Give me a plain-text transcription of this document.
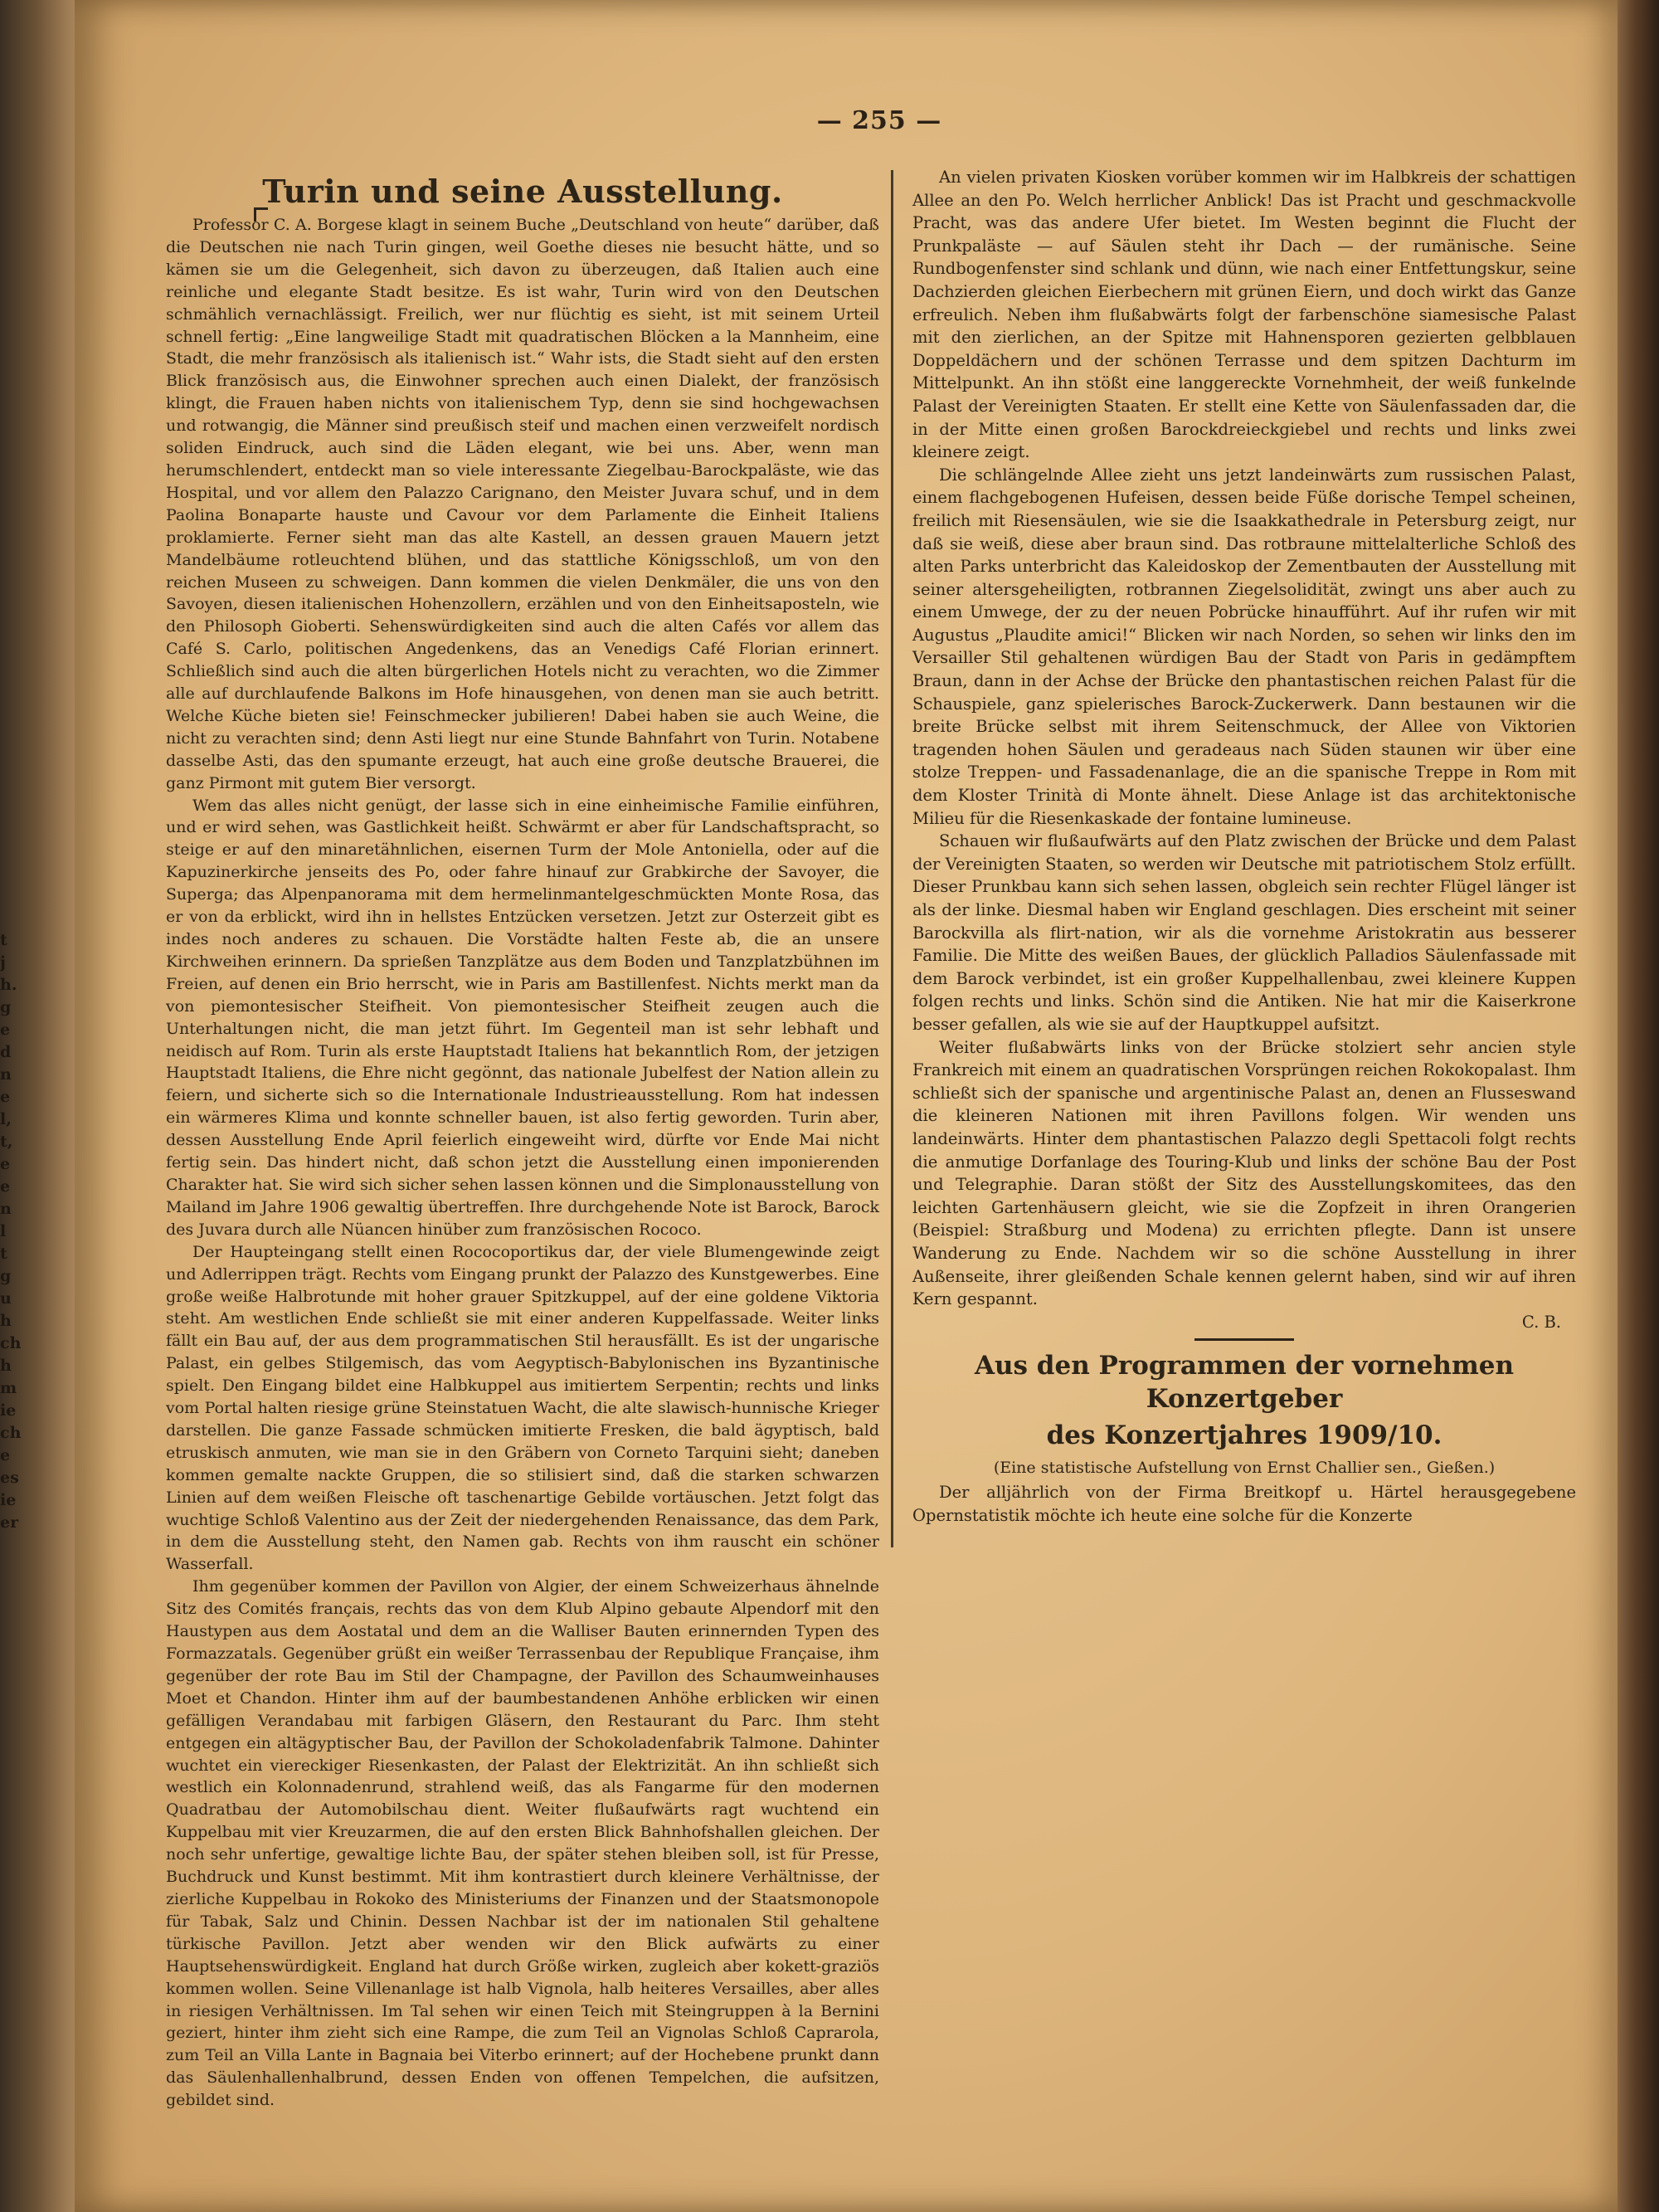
— 255 —
Turin und seine Ausstellung.

Professor C. A. Borgese klagt in seinem Buche „Deutschland von heute“ darüber, daß die Deutschen nie nach Turin gingen, weil Goethe dieses nie besucht hätte, und so kämen sie um die Gelegenheit, sich davon zu überzeugen, daß Italien auch eine reinliche und elegante Stadt besitze. Es ist wahr, Turin wird von den Deutschen schmählich vernachlässigt. Freilich, wer nur flüchtig es sieht, ist mit seinem Urteil schnell fertig: „Eine langweilige Stadt mit quadratischen Blöcken a la Mannheim, eine Stadt, die mehr französisch als italienisch ist.“ Wahr ists, die Stadt sieht auf den ersten Blick französisch aus, die Einwohner sprechen auch einen Dialekt, der französisch klingt, die Frauen haben nichts von italienischem Typ, denn sie sind hochgewachsen und rotwangig, die Männer sind preußisch steif und machen einen verzweifelt nordisch soliden Eindruck, auch sind die Läden elegant, wie bei uns. Aber, wenn man herumschlendert, entdeckt man so viele interessante Ziegelbau-Barockpaläste, wie das Hospital, und vor allem den Palazzo Carignano, den Meister Juvara schuf, und in dem Paolina Bonaparte hauste und Cavour vor dem Parlamente die Einheit Italiens proklamierte. Ferner sieht man das alte Kastell, an dessen grauen Mauern jetzt Mandelbäume rotleuchtend blühen, und das stattliche Königsschloß, um von den reichen Museen zu schweigen. Dann kommen die vielen Denkmäler, die uns von den Savoyen, diesen italienischen Hohenzollern, erzählen und von den Einheitsaposteln, wie den Philosoph Gioberti. Sehenswürdigkeiten sind auch die alten Cafés vor allem das Café S. Carlo, politischen Angedenkens, das an Venedigs Café Florian erinnert. Schließlich sind auch die alten bürgerlichen Hotels nicht zu verachten, wo die Zimmer alle auf durchlaufende Balkons im Hofe hinausgehen, von denen man sie auch betritt. Welche Küche bieten sie! Feinschmecker jubilieren! Dabei haben sie auch Weine, die nicht zu verachten sind; denn Asti liegt nur eine Stunde Bahnfahrt von Turin. Notabene dasselbe Asti, das den spumante erzeugt, hat auch eine große deutsche Brauerei, die ganz Pirmont mit gutem Bier versorgt.

Wem das alles nicht genügt, der lasse sich in eine einheimische Familie einführen, und er wird sehen, was Gastlichkeit heißt. Schwärmt er aber für Landschaftspracht, so steige er auf den minaretähnlichen, eisernen Turm der Mole Antoniella, oder auf die Kapuzinerkirche jenseits des Po, oder fahre hinauf zur Grabkirche der Savoyer, die Superga; das Alpenpanorama mit dem hermelinmantelgeschmückten Monte Rosa, das er von da erblickt, wird ihn in hellstes Entzücken versetzen. Jetzt zur Osterzeit gibt es indes noch anderes zu schauen. Die Vorstädte halten Feste ab, die an unsere Kirchweihen erinnern. Da sprießen Tanzplätze aus dem Boden und Tanzplatzbühnen im Freien, auf denen ein Brio herrscht, wie in Paris am Bastillenfest. Nichts merkt man da von piemontesischer Steifheit. Von piemontesischer Steifheit zeugen auch die Unterhaltungen nicht, die man jetzt führt. Im Gegenteil man ist sehr lebhaft und neidisch auf Rom. Turin als erste Hauptstadt Italiens hat bekanntlich Rom, der jetzigen Hauptstadt Italiens, die Ehre nicht gegönnt, das nationale Jubelfest der Nation allein zu feiern, und sicherte sich so die Internationale Industrieausstellung. Rom hat indessen ein wärmeres Klima und konnte schneller bauen, ist also fertig geworden. Turin aber, dessen Ausstellung Ende April feierlich eingeweiht wird, dürfte vor Ende Mai nicht fertig sein. Das hindert nicht, daß schon jetzt die Ausstellung einen imponierenden Charakter hat. Sie wird sich sicher sehen lassen können und die Simplonausstellung von Mailand im Jahre 1906 gewaltig übertreffen. Ihre durchgehende Note ist Barock, Barock des Juvara durch alle Nüancen hinüber zum französischen Rococo.

Der Haupteingang stellt einen Rococoportikus dar, der viele Blumengewinde zeigt und Adlerrippen trägt. Rechts vom Eingang prunkt der Palazzo des Kunstgewerbes. Eine große weiße Halbrotunde mit hoher grauer Spitzkuppel, auf der eine goldene Viktoria steht. Am westlichen Ende schließt sie mit einer anderen Kuppelfassade. Weiter links fällt ein Bau auf, der aus dem programmatischen Stil herausfällt. Es ist der ungarische Palast, ein gelbes Stilgemisch, das vom Aegyptisch-Babylonischen ins Byzantinische spielt. Den Eingang bildet eine Halbkuppel aus imitiertem Serpentin; rechts und links vom Portal halten riesige grüne Steinstatuen Wacht, die alte slawisch-hunnische Krieger darstellen. Die ganze Fassade schmücken imitierte Fresken, die bald ägyptisch, bald etruskisch anmuten, wie man sie in den Gräbern von Corneto Tarquini sieht; daneben kommen gemalte nackte Gruppen, die so stilisiert sind, daß die starken schwarzen Linien auf dem weißen Fleische oft taschenartige Gebilde vortäuschen. Jetzt folgt das wuchtige Schloß Valentino aus der Zeit der niedergehenden Renaissance, das dem Park, in dem die Ausstellung steht, den Namen gab. Rechts von ihm rauscht ein schöner Wasserfall.

Ihm gegenüber kommen der Pavillon von Algier, der einem Schweizerhaus ähnelnde Sitz des Comités français, rechts das von dem Klub Alpino gebaute Alpendorf mit den Haustypen aus dem Aostatal und dem an die Walliser Bauten erinnernden Typen des Formazzatals. Gegenüber grüßt ein weißer Terrassenbau der Republique Française, ihm gegenüber der rote Bau im Stil der Champagne, der Pavillon des Schaumweinhauses Moet et Chandon. Hinter ihm auf der baumbestandenen Anhöhe erblicken wir einen gefälligen Verandabau mit farbigen Gläsern, den Restaurant du Parc. Ihm steht entgegen ein altägyptischer Bau, der Pavillon der Schokoladenfabrik Talmone. Dahinter wuchtet ein viereckiger Riesenkasten, der Palast der Elektrizität. An ihn schließt sich westlich ein Kolonnadenrund, strahlend weiß, das als Fangarme für den modernen Quadratbau der Automobilschau dient. Weiter flußaufwärts ragt wuchtend ein Kuppelbau mit vier Kreuzarmen, die auf den ersten Blick Bahnhofshallen gleichen. Der noch sehr unfertige, gewaltige lichte Bau, der später stehen bleiben soll, ist für Presse, Buchdruck und Kunst bestimmt. Mit ihm kontrastiert durch kleinere Verhältnisse, der zierliche Kuppelbau in Rokoko des Ministeriums der Finanzen und der Staatsmonopole für Tabak, Salz und Chinin. Dessen Nachbar ist der im nationalen Stil gehaltene türkische Pavillon. Jetzt aber wenden wir den Blick aufwärts zu einer Hauptsehenswürdigkeit. England hat durch Größe wirken, zugleich aber kokett-graziös kommen wollen. Seine Villenanlage ist halb Vignola, halb heiteres Versailles, aber alles in riesigen Verhältnissen. Im Tal sehen wir einen Teich mit Steingruppen à la Bernini geziert, hinter ihm zieht sich eine Rampe, die zum Teil an Vignolas Schloß Caprarola, zum Teil an Villa Lante in Bagnaia bei Viterbo erinnert; auf der Hochebene prunkt dann das Säulenhallenhalbrund, dessen Enden von offenen Tempelchen, die aufsitzen, gebildet sind.

An vielen privaten Kiosken vorüber kommen wir im Halbkreis der schattigen Allee an den Po. Welch herrlicher Anblick! Das ist Pracht und geschmackvolle Pracht, was das andere Ufer bietet. Im Westen beginnt die Flucht der Prunkpaläste — auf Säulen steht ihr Dach — der rumänische. Seine Rundbogenfenster sind schlank und dünn, wie nach einer Entfettungskur, seine Dachzierden gleichen Eierbechern mit grünen Eiern, und doch wirkt das Ganze erfreulich. Neben ihm flußabwärts folgt der farbenschöne siamesische Palast mit den zierlichen, an der Spitze mit Hahnensporen gezierten gelbblauen Doppeldächern und der schönen Terrasse und dem spitzen Dachturm im Mittelpunkt. An ihn stößt eine langgereckte Vornehmheit, der weiß funkelnde Palast der Vereinigten Staaten. Er stellt eine Kette von Säulenfassaden dar, die in der Mitte einen großen Barockdreieckgiebel und rechts und links zwei kleinere zeigt.

Die schlängelnde Allee zieht uns jetzt landeinwärts zum russischen Palast, einem flachgebogenen Hufeisen, dessen beide Füße dorische Tempel scheinen, freilich mit Riesensäulen, wie sie die Isaakkathedrale in Petersburg zeigt, nur daß sie weiß, diese aber braun sind. Das rotbraune mittelalterliche Schloß des alten Parks unterbricht das Kaleidoskop der Zementbauten der Ausstellung mit seiner altersgeheiligten, rotbrannen Ziegelsolidität, zwingt uns aber auch zu einem Umwege, der zu der neuen Pobrücke hinaufführt. Auf ihr rufen wir mit Augustus „Plaudite amici!“ Blicken wir nach Norden, so sehen wir links den im Versailler Stil gehaltenen würdigen Bau der Stadt von Paris in gedämpftem Braun, dann in der Achse der Brücke den phantastischen reichen Palast für die Schauspiele, ganz spielerisches Barock-Zuckerwerk. Dann bestaunen wir die breite Brücke selbst mit ihrem Seitenschmuck, der Allee von Viktorien tragenden hohen Säulen und geradeaus nach Süden staunen wir über eine stolze Treppen- und Fassadenanlage, die an die spanische Treppe in Rom mit dem Kloster Trinità di Monte ähnelt. Diese Anlage ist das architektonische Milieu für die Riesenkaskade der fontaine lumineuse.

Schauen wir flußaufwärts auf den Platz zwischen der Brücke und dem Palast der Vereinigten Staaten, so werden wir Deutsche mit patriotischem Stolz erfüllt. Dieser Prunkbau kann sich sehen lassen, obgleich sein rechter Flügel länger ist als der linke. Diesmal haben wir England geschlagen. Dies erscheint mit seiner Barockvilla als flirt-nation, wir als die vornehme Aristokratin aus besserer Familie. Die Mitte des weißen Baues, der glücklich Palladios Säulenfassade mit dem Barock verbindet, ist ein großer Kuppelhallenbau, zwei kleinere Kuppen folgen rechts und links. Schön sind die Antiken. Nie hat mir die Kaiserkrone besser gefallen, als wie sie auf der Hauptkuppel aufsitzt.

Weiter flußabwärts links von der Brücke stolziert sehr ancien style Frankreich mit einem an quadratischen Vorsprüngen reichen Rokokopalast. Ihm schließt sich der spanische und argentinische Palast an, denen an Flusseswand die kleineren Nationen mit ihren Pavillons folgen. Wir wenden uns landeinwärts. Hinter dem phantastischen Palazzo degli Spettacoli folgt rechts die anmutige Dorfanlage des Touring-Klub und links der schöne Bau der Post und Telegraphie. Daran stößt der Sitz des Ausstellungskomitees, das den leichten Gartenhäusern gleicht, wie sie die Zopfzeit in ihren Orangerien (Beispiel: Straßburg und Modena) zu errichten pflegte. Dann ist unsere Wanderung zu Ende. Nachdem wir so die schöne Ausstellung in ihrer Außenseite, ihrer gleißenden Schale kennen gelernt haben, sind wir auf ihren Kern gespannt.

C. B.
Aus den Programmen der vornehmen Konzertgeber
des Konzertjahres 1909/10.
(Eine statistische Aufstellung von Ernst Challier sen., Gießen.)

Der alljährlich von der Firma Breitkopf u. Härtel herausgegebene Opernstatistik möchte ich heute eine solche für die Konzerte

t
j
h.
g
e
d
n
e
l,
t,
e
e
n
l
t
g
u
h
ch
h
m
ie
ch
e
es
ie
er
